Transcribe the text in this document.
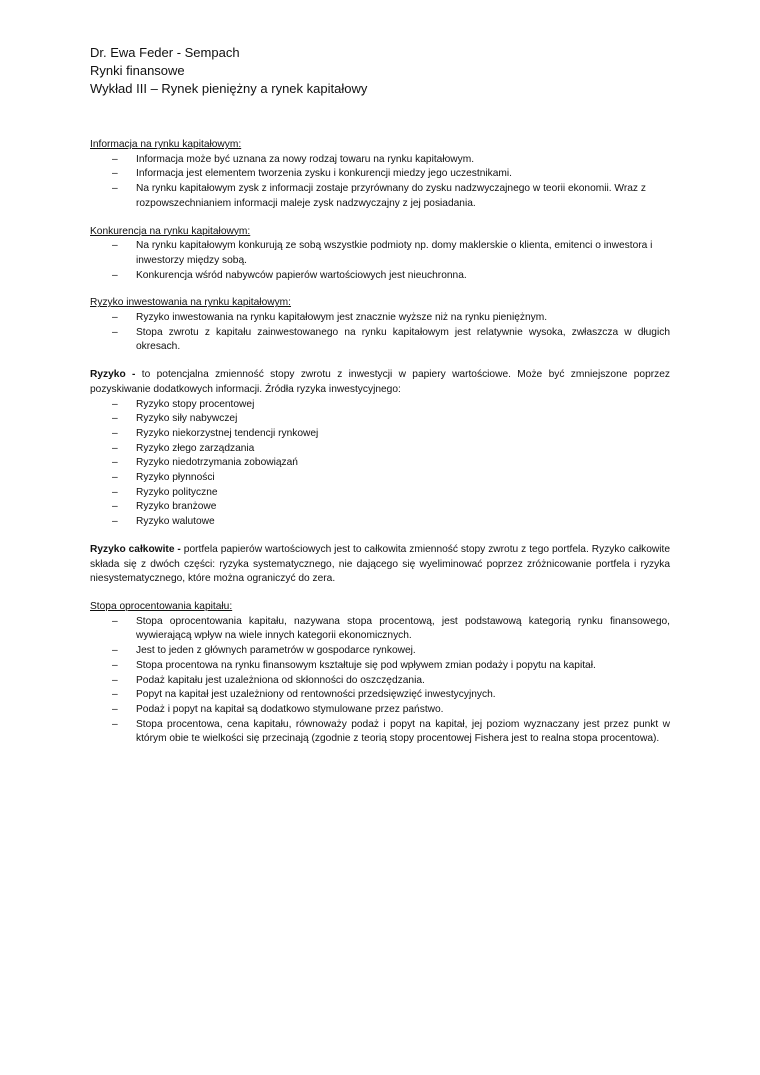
Dr. Ewa Feder - Sempach
Rynki finansowe
Wykład III – Rynek pieniężny a rynek kapitałowy
Informacja na rynku kapitałowym:
– Informacja może być uznana za nowy rodzaj towaru na rynku kapitałowym.
– Informacja jest elementem tworzenia zysku i konkurencji miedzy jego uczestnikami.
– Na rynku kapitałowym zysk z informacji zostaje przyrównany do zysku nadzwyczajnego w teorii ekonomii. Wraz z rozpowszechnianiem informacji maleje zysk nadzwyczajny z jej posiadania.
Konkurencja na rynku kapitałowym:
– Na rynku kapitałowym konkurują ze sobą wszystkie podmioty np. domy maklerskie o klienta, emitenci o inwestora i inwestorzy między sobą.
– Konkurencja wśród nabywców papierów wartościowych jest nieuchronna.
Ryzyko inwestowania na rynku kapitałowym:
– Ryzyko inwestowania na rynku kapitałowym jest znacznie wyższe niż na rynku pieniężnym.
– Stopa zwrotu z kapitału zainwestowanego na rynku kapitałowym jest relatywnie wysoka, zwłaszcza w długich okresach.

Ryzyko - to potencjalna zmienność stopy zwrotu z inwestycji w papiery wartościowe. Może być zmniejszone poprzez pozyskiwanie dodatkowych informacji. Źródła ryzyka inwestycyjnego:

– Ryzyko stopy procentowej
– Ryzyko siły nabywczej
– Ryzyko niekorzystnej tendencji rynkowej
– Ryzyko złego zarządzania
– Ryzyko niedotrzymania zobowiązań
– Ryzyko płynności
– Ryzyko polityczne
– Ryzyko branżowe
– Ryzyko walutowe

Ryzyko całkowite - portfela papierów wartościowych jest to całkowita zmienność stopy zwrotu z tego portfela. Ryzyko całkowite składa się z dwóch części: ryzyka systematycznego, nie dającego się wyeliminować poprzez zróżnicowanie portfela i ryzyka niesystematycznego, które można ograniczyć do zera.

Stopa oprocentowania kapitału:
– Stopa oprocentowania kapitału, nazywana stopa procentową, jest podstawową kategorią rynku finansowego, wywierającą wpływ na wiele innych kategorii ekonomicznych.
– Jest to jeden z głównych parametrów w gospodarce rynkowej.
– Stopa procentowa na rynku finansowym kształtuje się pod wpływem zmian podaży i popytu na kapitał.
– Podaż kapitału jest uzależniona od skłonności do oszczędzania.
– Popyt na kapitał jest uzależniony od rentowności przedsięwzięć inwestycyjnych.
– Podaż i popyt na kapitał są dodatkowo stymulowane przez państwo.
– Stopa procentowa, cena kapitału, równoważy podaż i popyt na kapitał, jej poziom wyznaczany jest przez punkt w którym obie te wielkości się przecinają (zgodnie z teorią stopy procentowej Fishera jest to realna stopa procentowa).
